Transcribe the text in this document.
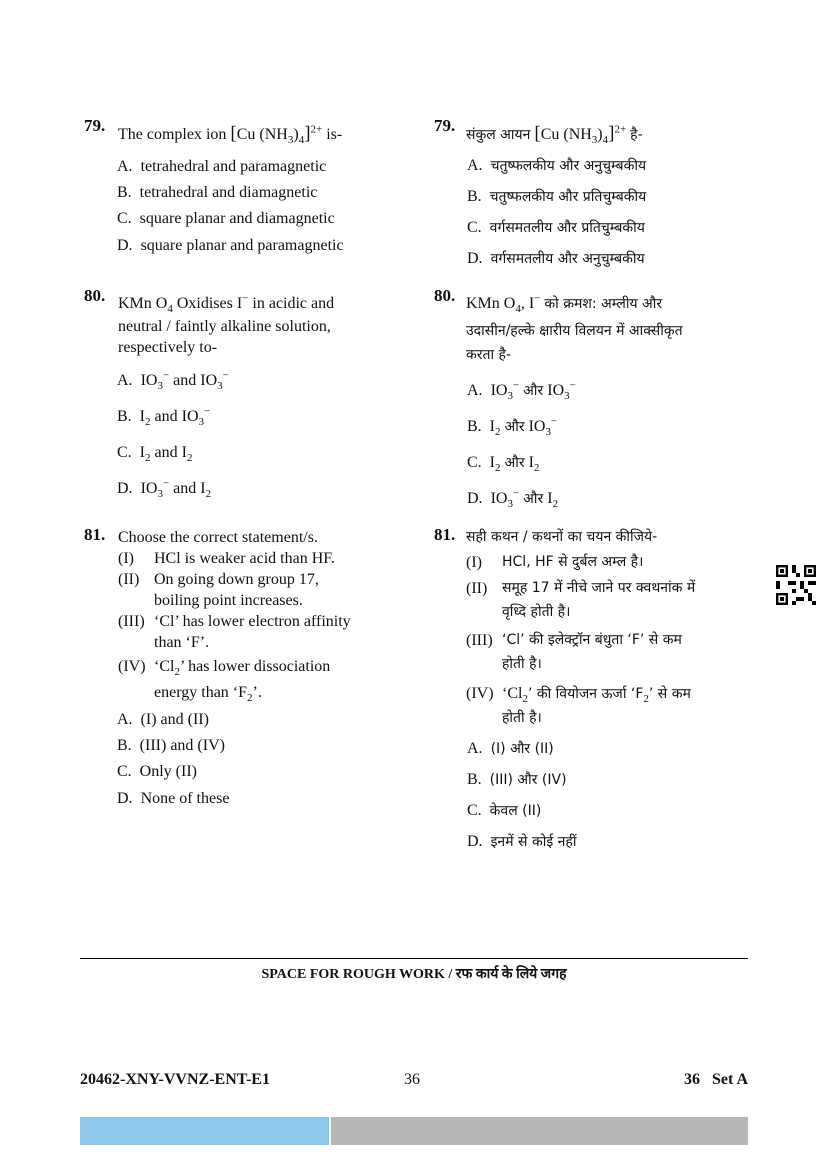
79. The complex ion [Cu $(NH_3)_4]^{2+}$ is-
A. tetrahedral and paramagnetic
B. tetrahedral and diamagnetic
C. square planar and diamagnetic
D. square planar and paramagnetic
79. संकुल आयन [Cu $(NH_3)_4]^{2+}$ है-
A. चतुष्फलकीय और अनुचुम्बकीय
B. चतुष्फलकीय और प्रतिचुम्बकीय
C. वर्गसमतलीय और प्रतिचुम्बकीय
D. वर्गसमतलीय और अनुचुम्बकीय
80. KMn $O_4$ Oxidises I− in acidic and
neutral / faintly alkaline solution,
respectively to-
A. $IO_3^-$ and $IO_3^-$
B. $I_2$ and $IO_3^-$
C. $I_2$ and $I_2$
D. $IO_3^-$ and $I_2$
80. KMn $O_4$, I− को क्रमश: अम्लीय और
उदासीन/हल्के क्षारीय विलयन में आक्सीकृत
करता है-
A. $IO_3^-$ और $IO_3^-$
B. $I_2$ और $IO_3^-$
C. $I_2$ और $I_2$
D. $IO_3^-$ और $I_2$
81. Choose the correct statement/s.
(I)	HCl is weaker acid than HF.
(II) On going down group 17,
boiling point increases.
(III) ‘Cl’ has lower electron affinity
than ‘F’.
(IV) ‘$Cl_2$’ has lower dissociation
energy than ‘$F_2$’.
A. (I) and (II)
B. (III) and (IV)
C. Only (II)
D. None of these
81. सही कथन / कथनों का चयन कीजिये-
(I)	HCl, HF से दुर्बल अम्ल है।
(II)	समूह 17 में नीचे जाने पर क्वथनांक में
वृध्दि होती है।
(III) ‘Cl’ की इलेक्ट्रॉन बंधुता ‘F’ से कम
होती है।
(IV) ‘$Cl_2$’ की वियोजन ऊर्जा ‘$F_2$’ से कम
होती है।
A. (I) और (II)
B. (III) और (IV)
C. केवल (II)
D. इनमें से कोई नहीं
SPACE FOR ROUGH WORK / रफ कार्य के लिये जगह
20462-XNY-VVNZ-ENT-E1	36	36   Set A
